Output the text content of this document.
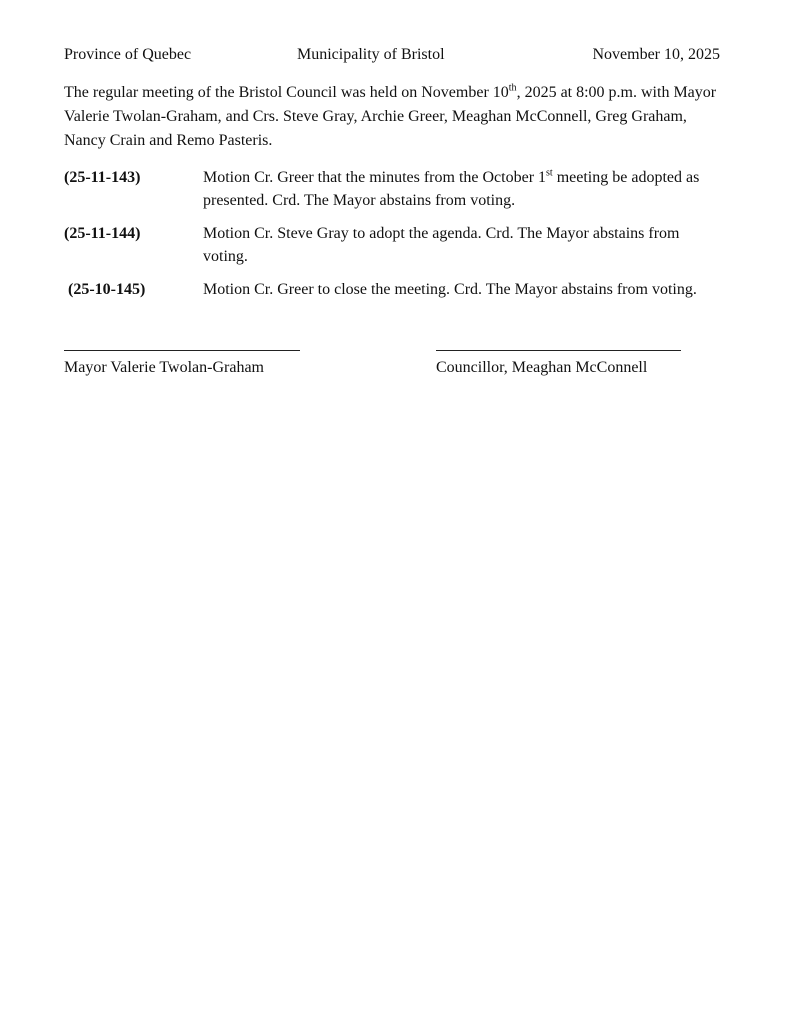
Province of Quebec	Municipality of Bristol	November 10, 2025

The regular meeting of the Bristol Council was held on November 10th, 2025 at 8:00 p.m. with Mayor Valerie Twolan-Graham, and Crs. Steve Gray, Archie Greer, Meaghan McConnell, Greg Graham, Nancy Crain and Remo Pasteris.

(25-11-143)	Motion Cr. Greer that the minutes from the October 1st meeting be adopted as presented. Crd. The Mayor abstains from voting.
(25-11-144)	Motion Cr. Steve Gray to adopt the agenda. Crd. The Mayor abstains from voting.
(25-10-145)	Motion Cr. Greer to close the meeting. Crd. The Mayor abstains from voting.
Mayor Valerie Twolan-Graham	Councillor, Meaghan McConnell
